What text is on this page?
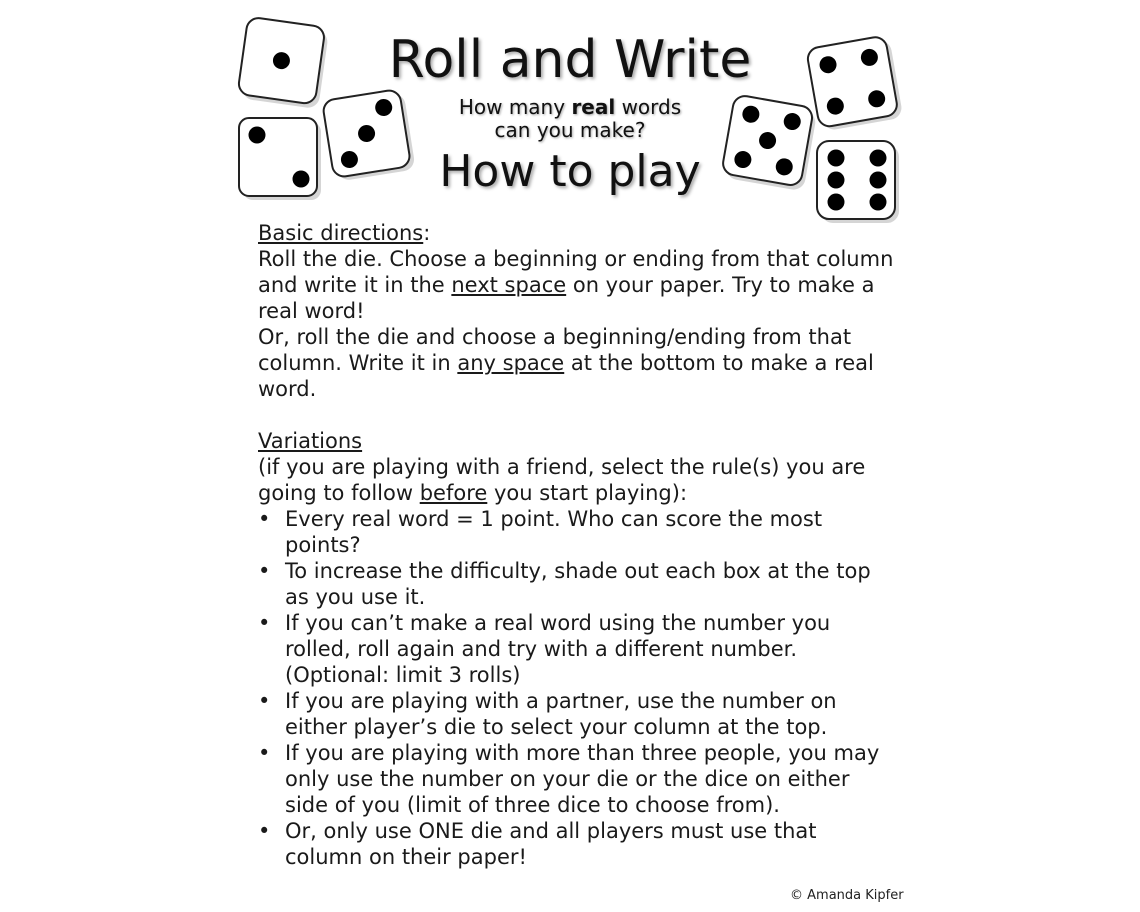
Roll and Write
How many real words
can you make?
How to play

Basic directions:

Roll the die. Choose a beginning or ending from that column and write it in the next space on your paper. Try to make a real word!

Or, roll the die and choose a beginning/ending from that column. Write it in any space at the bottom to make a real word.

Variations

(if you are playing with a friend, select the rule(s) you are going to follow before you start playing):

• Every real word = 1 point. Who can score the most points?
• To increase the difficulty, shade out each box at the top as you use it.
• If you can’t make a real word using the number you rolled, roll again and try with a different number.
(Optional: limit 3 rolls)
• If you are playing with a partner, use the number on either player’s die to select your column at the top.
• If you are playing with more than three people, you may only use the number on your die or the dice on either side of you (limit of three dice to choose from).
• Or, only use ONE die and all players must use that column on their paper!
© Amanda Kipfer
